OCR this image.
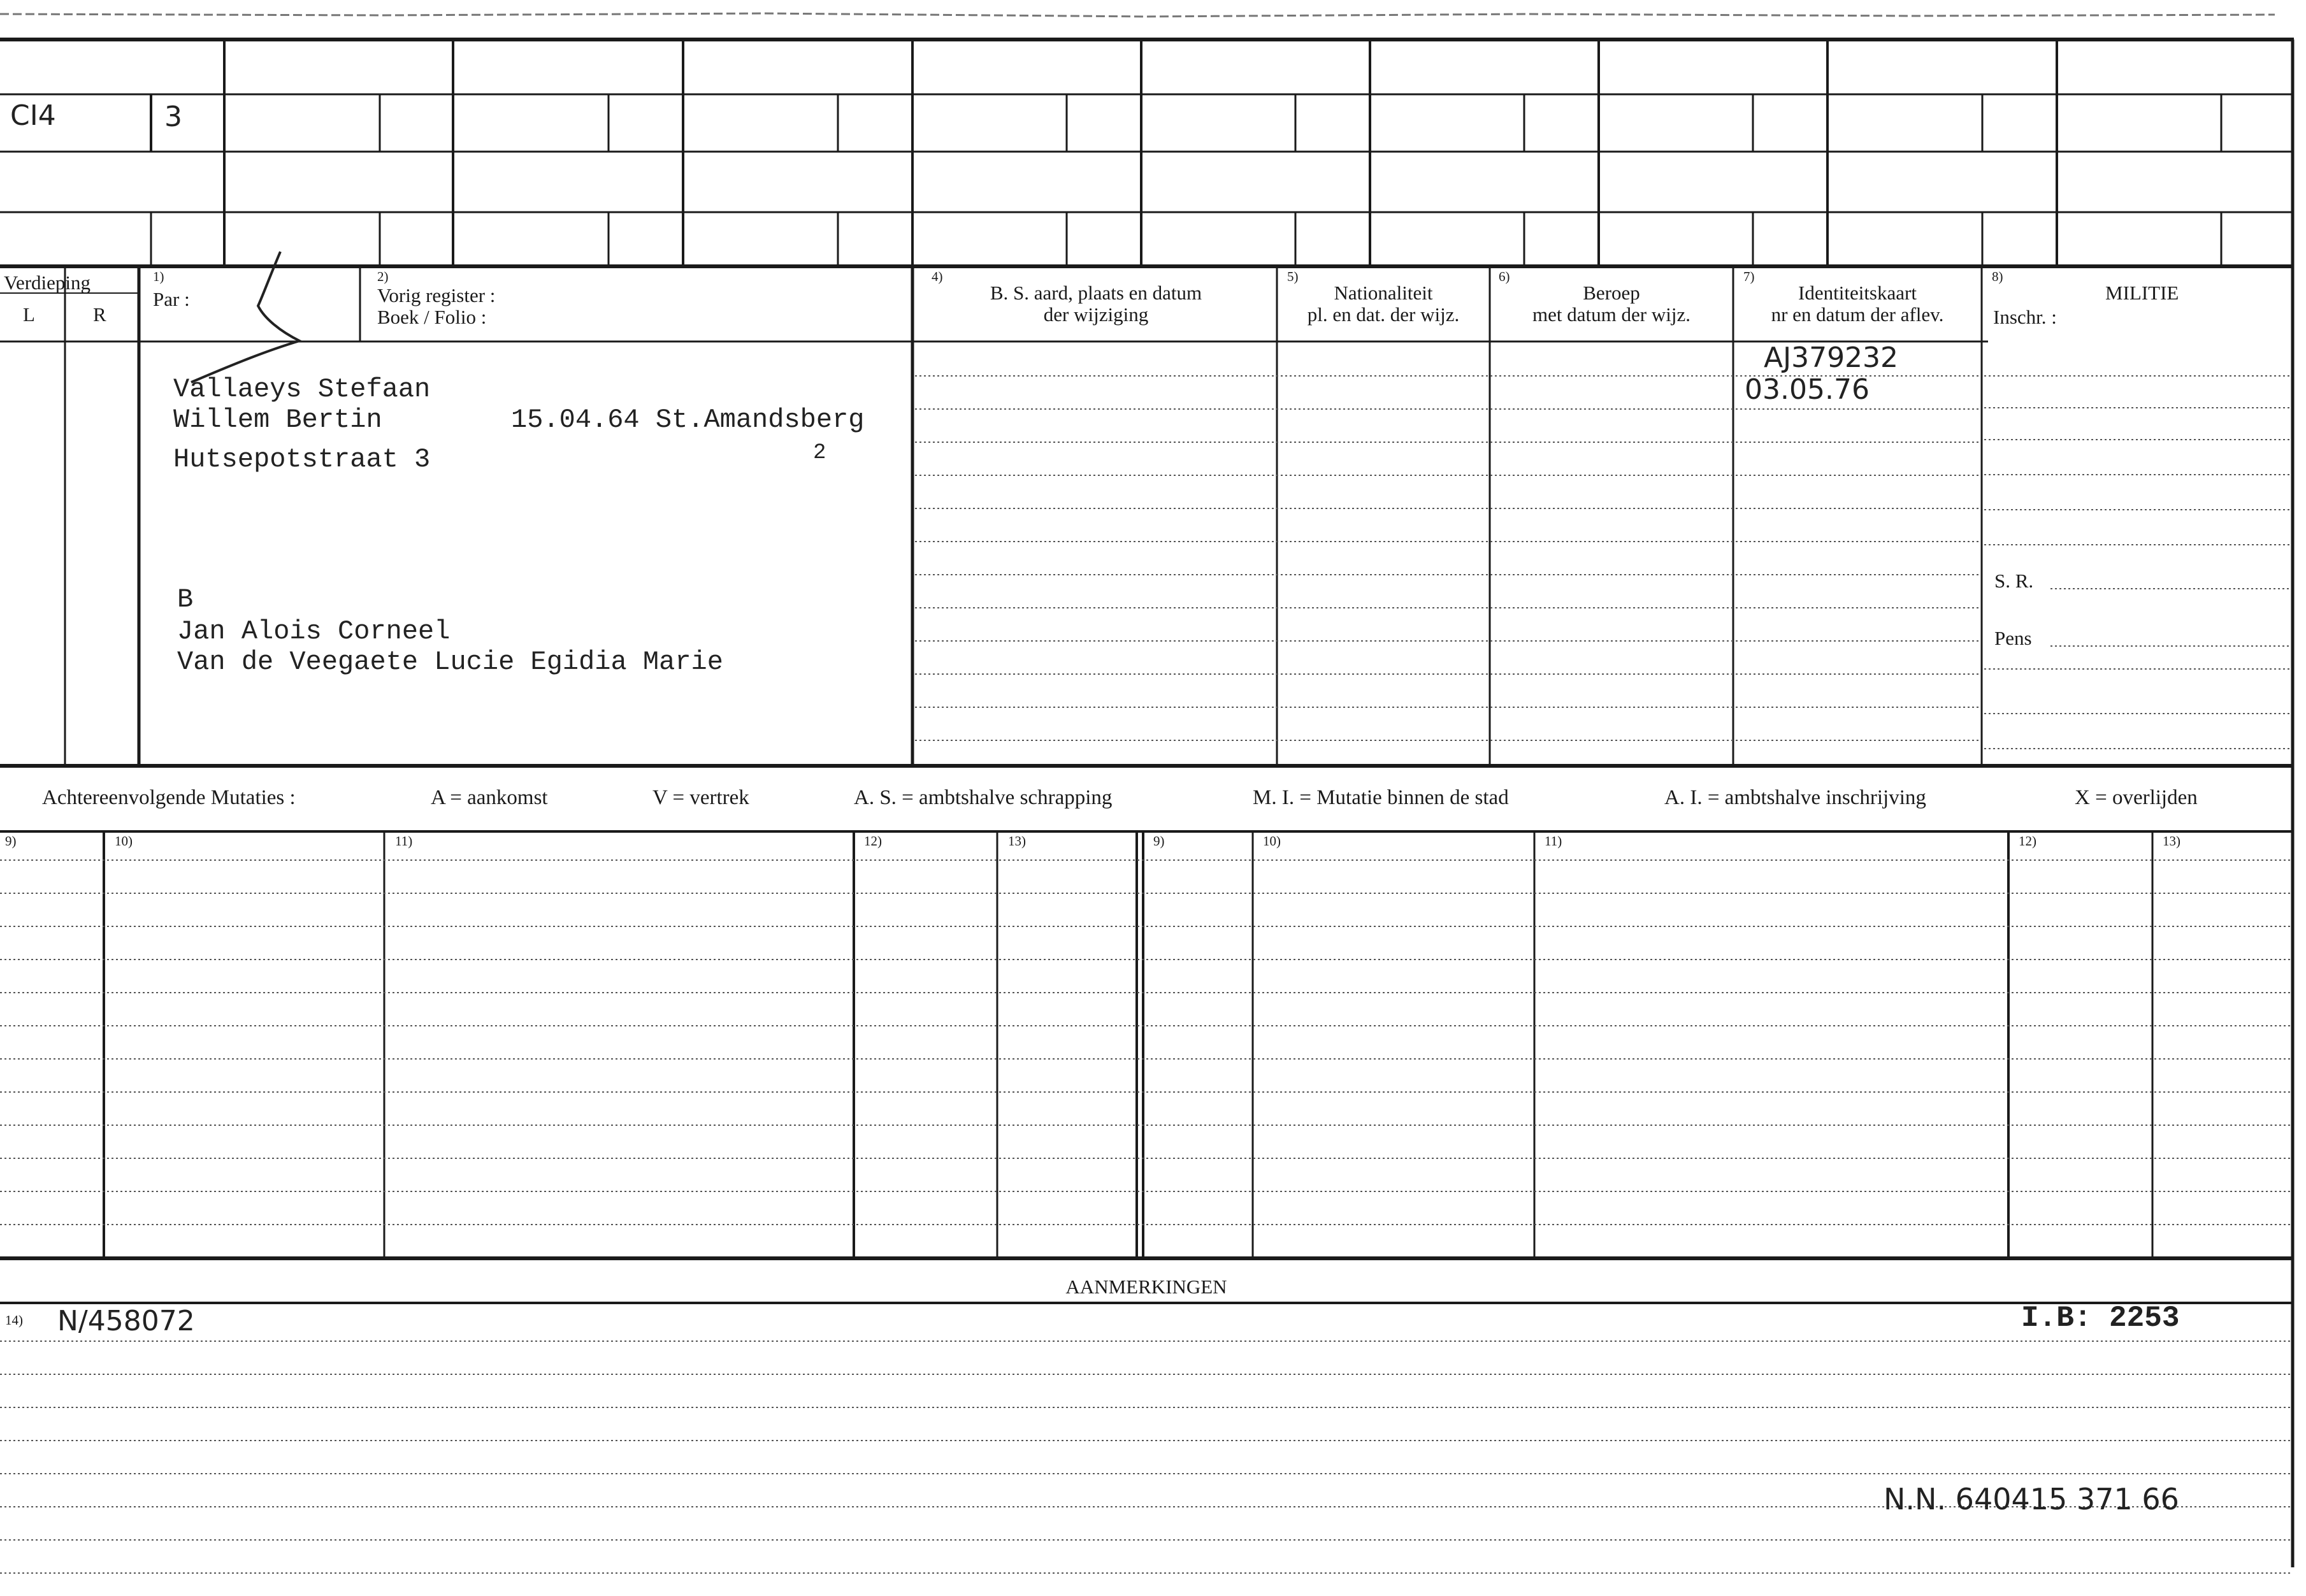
CI4	3
Verdieping
L	R
1)
Par :
2)
Vorig register :
Boek / Folio :
4)
B. S. aard, plaats en datum
der wijziging
5)
Nationaliteit
pl. en dat. der wijz.
6)
Beroep
met datum der wijz.
7)
Identiteitskaart
nr en datum der aflev.
8)
MILITIE
Inschr. :
Vallaeys Stefaan
Willem Bertin	15.04.64 St.Amandsberg
Hutsepotstraat 3	2
B
Jan Alois Corneel
Van de Veegaete Lucie Egidia Marie
AJ379232
03.05.76
S. R.
Pens
Achtereenvolgende Mutaties :	A = aankomst	V = vertrek	A. S. = ambtshalve schrapping	M. I. = Mutatie binnen de stad	A. I. = ambtshalve inschrijving	X = overlijden
9)	10)	11)	12)	13)	9)	10)	11)	12)	13)
AANMERKINGEN
14) N/458072	I.B: 2253
N.N. 640415 371 66
